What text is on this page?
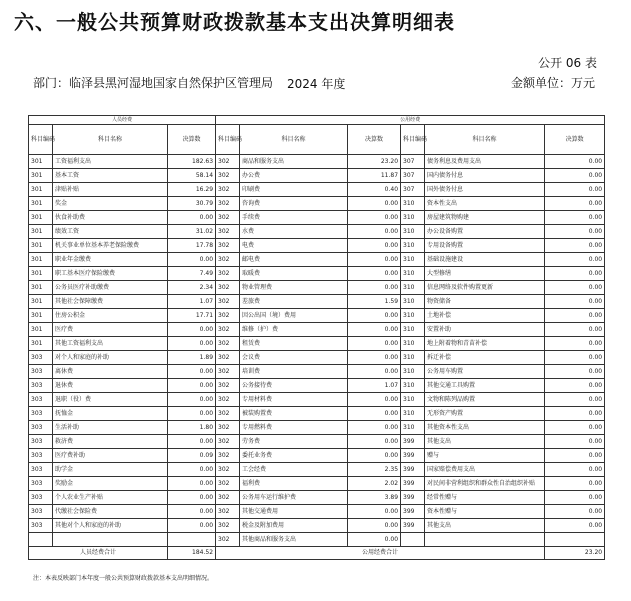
六、一般公共预算财政拨款基本支出决算明细表
公开 06 表
部门：临泽县黑河湿地国家自然保护区管理局 2024 年度	金额单位：万元
人员经费			公用经费					
科目编码	科目名称	决算数	科目编码	科目名称	决算数	科目编码	科目名称	决算数
301	工资福利支出	182.63	302	商品和服务支出	23.20	307	债务利息及费用支出	0.00
301	基本工资	58.14	302	办公费	11.87	307	国内债务付息	0.00
301	津贴补贴	16.29	302	印刷费	0.40	307	国外债务付息	0.00
301	奖金	30.79	302	咨询费	0.00	310	资本性支出	0.00
301	伙食补助费	0.00	302	手续费	0.00	310	房屋建筑物购建	0.00
301	绩效工资	31.02	302	水费	0.00	310	办公设备购置	0.00
301	机关事业单位基本养老保险缴费	17.78	302	电费	0.00	310	专用设备购置	0.00
301	职业年金缴费	0.00	302	邮电费	0.00	310	基础设施建设	0.00
301	职工基本医疗保险缴费	7.49	302	取暖费	0.00	310	大型修缮	0.00
301	公务员医疗补助缴费	2.34	302	物业管理费	0.00	310	信息网络及软件购置更新	0.00
301	其他社会保障缴费	1.07	302	差旅费	1.59	310	物资储备	0.00
301	住房公积金	17.71	302	因公出国（境）费用	0.00	310	土地补偿	0.00
301	医疗费	0.00	302	维修（护）费	0.00	310	安置补助	0.00
301	其他工资福利支出	0.00	302	租赁费	0.00	310	地上附着物和青苗补偿	0.00
303	对个人和家庭的补助	1.89	302	会议费	0.00	310	拆迁补偿	0.00
303	离休费	0.00	302	培训费	0.00	310	公务用车购置	0.00
303	退休费	0.00	302	公务接待费	1.07	310	其他交通工具购置	0.00
303	退职（役）费	0.00	302	专用材料费	0.00	310	文物和陈列品购置	0.00
303	抚恤金	0.00	302	被装购置费	0.00	310	无形资产购置	0.00
303	生活补助	1.80	302	专用燃料费	0.00	310	其他资本性支出	0.00
303	救济费	0.00	302	劳务费	0.00	399	其他支出	0.00
303	医疗费补助	0.09	302	委托业务费	0.00	399	赠与	0.00
303	助学金	0.00	302	工会经费	2.35	399	国家赔偿费用支出	0.00
303	奖励金	0.00	302	福利费	2.02	399	对民间非营利组织和群众性自治组织补贴	0.00
303	个人农业生产补贴	0.00	302	公务用车运行维护费	3.89	399	经常性赠与	0.00
303	代缴社会保险费	0.00	302	其他交通费用	0.00	399	资本性赠与	0.00
303	其他对个人和家庭的补助	0.00	302	税金及附加费用	0.00	399	其他支出	0.00
			302	其他商品和服务支出	0.00			
人员经费合计		184.52	公用经费合计					23.20
注：本表反映部门本年度一般公共预算财政拨款基本支出明细情况。
